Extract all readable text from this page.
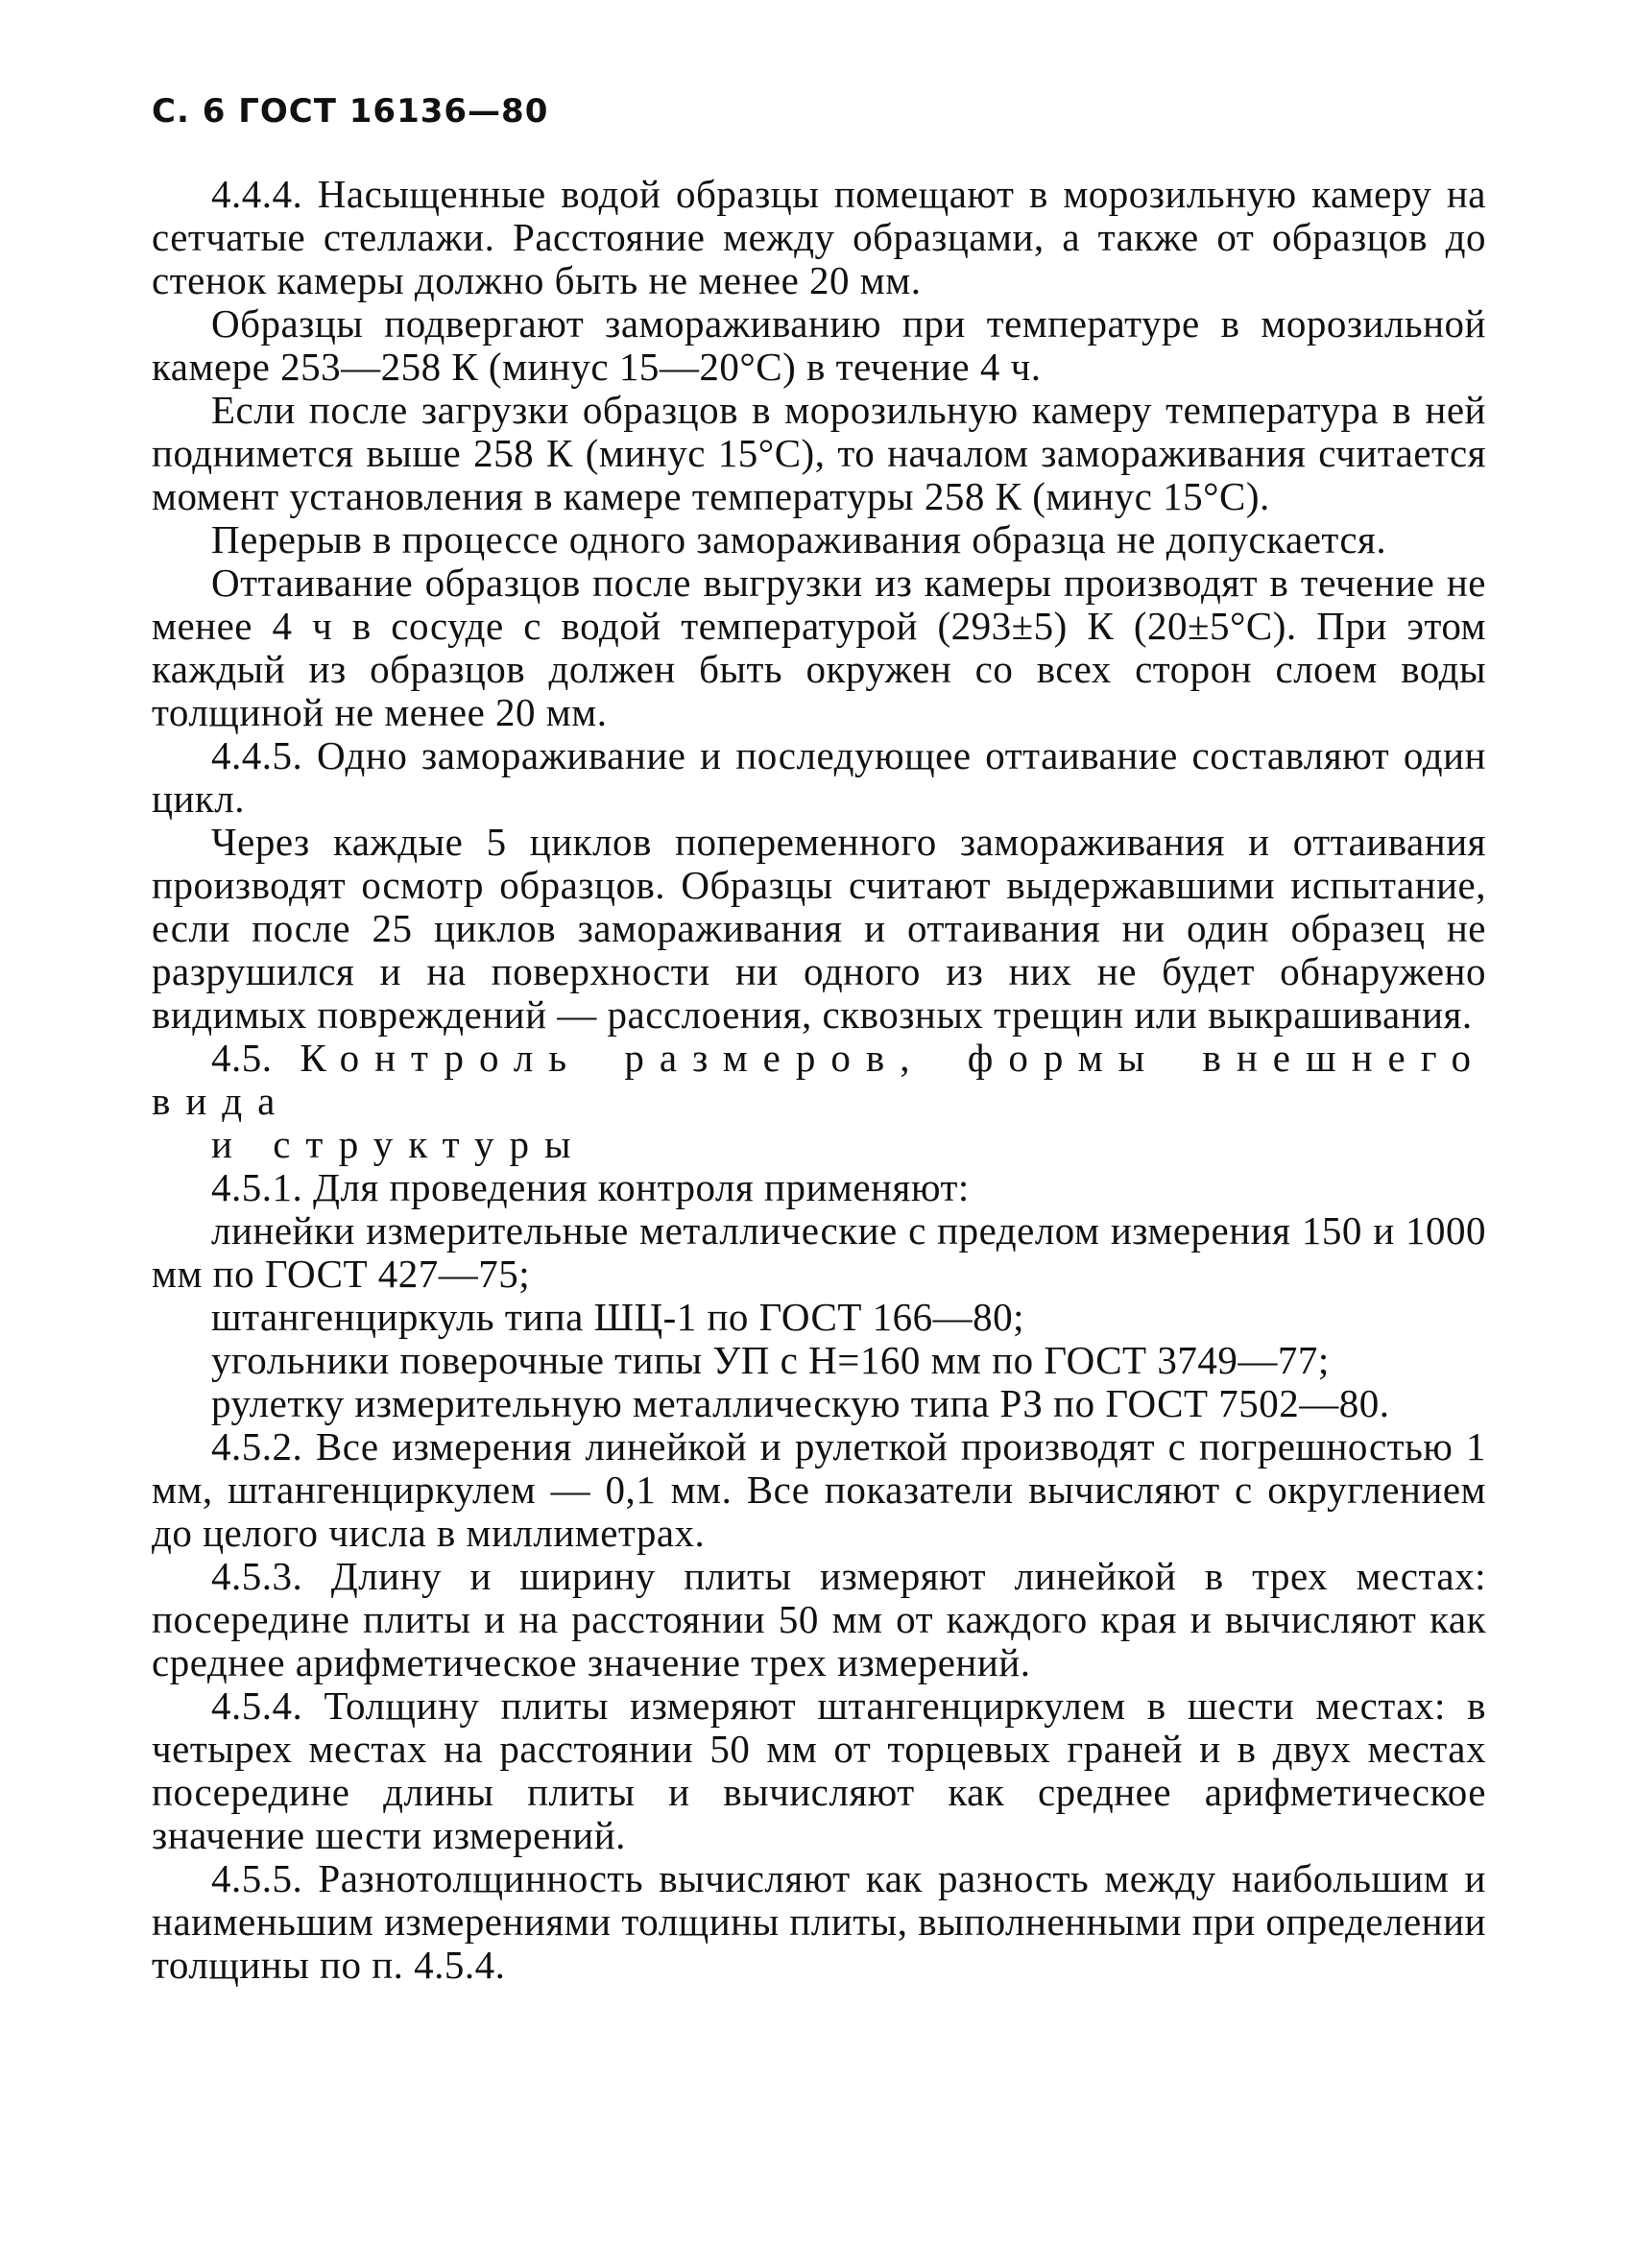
С. 6 ГОСТ 16136—80

4.4.4. Насыщенные водой образцы помещают в морозильную камеру на сетчатые стеллажи. Расстояние между образцами, а также от образцов до стенок камеры должно быть не менее 20 мм.

Образцы подвергают замораживанию при температуре в морозильной камере 253—258 К (минус 15—20°С) в течение 4 ч.

Если после загрузки образцов в морозильную камеру температура в ней поднимется выше 258 К (минус 15°С), то началом замораживания считается момент установления в камере температуры 258 К (минус 15°С).

Перерыв в процессе одного замораживания образца не допускается.

Оттаивание образцов после выгрузки из камеры производят в течение не менее 4 ч в сосуде с водой температурой (293±5) К (20±5°С). При этом каждый из образцов должен быть окружен со всех сторон слоем воды толщиной не менее 20 мм.

4.4.5. Одно замораживание и последующее оттаивание составляют один цикл.

Через каждые 5 циклов попеременного замораживания и оттаивания производят осмотр образцов. Образцы считают выдержавшими испытание, если после 25 циклов замораживания и оттаивания ни один образец не разрушился и на поверхности ни одного из них не будет обнаружено видимых повреждений — расслоения, сквозных трещин или выкрашивания.

4.5. Контроль размеров, формы внешнего вида

и структуры

4.5.1. Для проведения контроля применяют:

линейки измерительные металлические с пределом измерения 150 и 1000 мм по ГОСТ 427—75;

штангенциркуль типа ШЦ-1 по ГОСТ 166—80;

угольники поверочные типы УП с Н=160 мм по ГОСТ 3749—77;

рулетку измерительную металлическую типа РЗ по ГОСТ 7502—80.

4.5.2. Все измерения линейкой и рулеткой производят с погрешностью 1 мм, штангенциркулем — 0,1 мм. Все показатели вычисляют с округлением до целого числа в миллиметрах.

4.5.3. Длину и ширину плиты измеряют линейкой в трех местах: посередине плиты и на расстоянии 50 мм от каждого края и вычисляют как среднее арифметическое значение трех измерений.

4.5.4. Толщину плиты измеряют штангенциркулем в шести местах: в четырех местах на расстоянии 50 мм от торцевых граней и в двух местах посередине длины плиты и вычисляют как среднее арифметическое значение шести измерений.

4.5.5. Разнотолщинность вычисляют как разность между наибольшим и наименьшим измерениями толщины плиты, выполненными при определении толщины по п. 4.5.4.
